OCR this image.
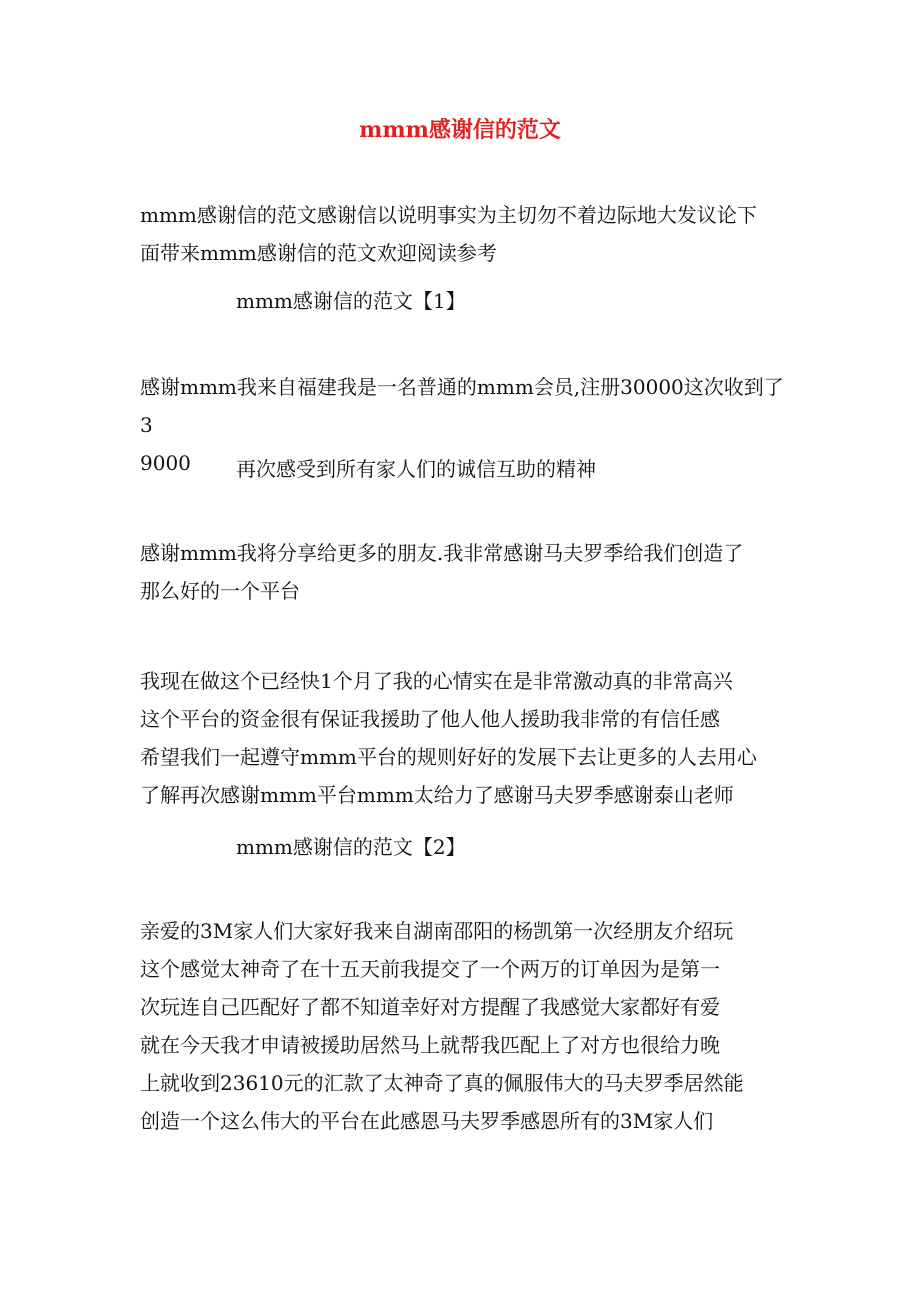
mmm感谢信的范文
mmm感谢信的范文感谢信以说明事实为主切勿不着边际地大发议论下
面带来mmm感谢信的范文欢迎阅读参考
mmm感谢信的范文【1】
感谢mmm我来自福建我是一名普通的mmm会员,注册30000这次收到了3
9000	再次感受到所有家人们的诚信互助的精神
感谢mmm我将分享给更多的朋友.我非常感谢马夫罗季给我们创造了
那么好的一个平台
我现在做这个已经快1个月了我的心情实在是非常激动真的非常高兴
这个平台的资金很有保证我援助了他人他人援助我非常的有信任感
希望我们一起遵守mmm平台的规则好好的发展下去让更多的人去用心
了解再次感谢mmm平台mmm太给力了感谢马夫罗季感谢泰山老师
mmm感谢信的范文【2】
亲爱的3M家人们大家好我来自湖南邵阳的杨凯第一次经朋友介绍玩
这个感觉太神奇了在十五天前我提交了一个两万的订单因为是第一
次玩连自己匹配好了都不知道幸好对方提醒了我感觉大家都好有爱
就在今天我才申请被援助居然马上就帮我匹配上了对方也很给力晚
上就收到23610元的汇款了太神奇了真的佩服伟大的马夫罗季居然能
创造一个这么伟大的平台在此感恩马夫罗季感恩所有的3M家人们
